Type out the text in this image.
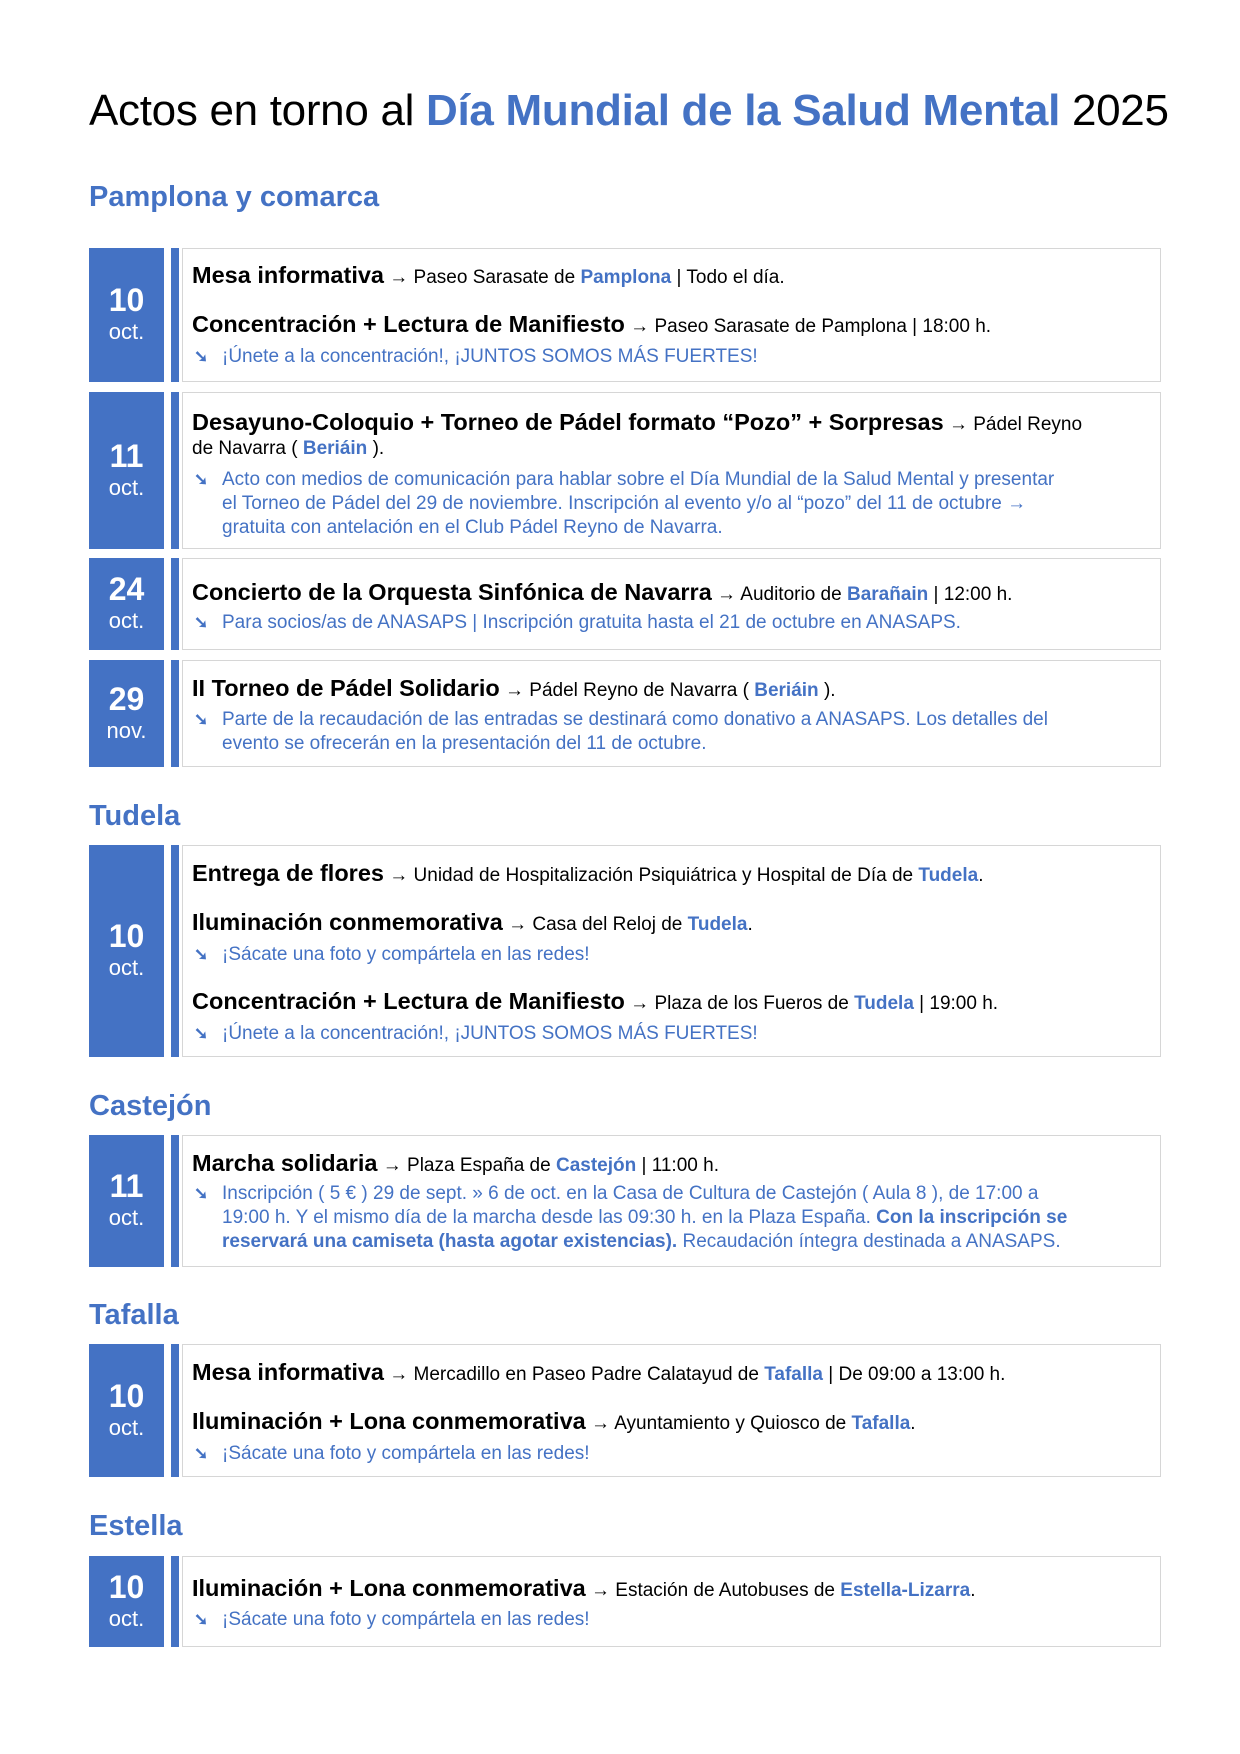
Actos en torno al Día Mundial de la Salud Mental 2025
Pamplona y comarca
10
oct.
Mesa informativa → Paseo Sarasate de Pamplona | Todo el día.
Concentración + Lectura de Manifiesto → Paseo Sarasate de Pamplona | 18:00 h.
➘ ¡Únete a la concentración!, ¡JUNTOS SOMOS MÁS FUERTES!
11
oct.
Desayuno-Coloquio + Torneo de Pádel formato “Pozo” + Sorpresas → Pádel Reyno
de Navarra ( Beriáin ).
➘ Acto con medios de comunicación para hablar sobre el Día Mundial de la Salud Mental y presentar
el Torneo de Pádel del 29 de noviembre. Inscripción al evento y/o al “pozo” del 11 de octubre →
gratuita con antelación en el Club Pádel Reyno de Navarra.
24
oct.
Concierto de la Orquesta Sinfónica de Navarra → Auditorio de Barañain | 12:00 h.
➘ Para socios/as de ANASAPS | Inscripción gratuita hasta el 21 de octubre en ANASAPS.
29
nov.
II Torneo de Pádel Solidario → Pádel Reyno de Navarra ( Beriáin ).
➘ Parte de la recaudación de las entradas se destinará como donativo a ANASAPS. Los detalles del
evento se ofrecerán en la presentación del 11 de octubre.
Tudela
10
oct.
Entrega de flores → Unidad de Hospitalización Psiquiátrica y Hospital de Día de Tudela.
Iluminación conmemorativa → Casa del Reloj de Tudela.
➘ ¡Sácate una foto y compártela en las redes!
Concentración + Lectura de Manifiesto → Plaza de los Fueros de Tudela | 19:00 h.
➘ ¡Únete a la concentración!, ¡JUNTOS SOMOS MÁS FUERTES!
Castejón
11
oct.
Marcha solidaria → Plaza España de Castejón | 11:00 h.
➘ Inscripción ( 5 € ) 29 de sept. » 6 de oct. en la Casa de Cultura de Castejón ( Aula 8 ), de 17:00 a
19:00 h. Y el mismo día de la marcha desde las 09:30 h. en la Plaza España. Con la inscripción se
reservará una camiseta (hasta agotar existencias). Recaudación íntegra destinada a ANASAPS.
Tafalla
10
oct.
Mesa informativa → Mercadillo en Paseo Padre Calatayud de Tafalla | De 09:00 a 13:00 h.
Iluminación + Lona conmemorativa → Ayuntamiento y Quiosco de Tafalla.
➘ ¡Sácate una foto y compártela en las redes!
Estella
10
oct.
Iluminación + Lona conmemorativa → Estación de Autobuses de Estella-Lizarra.
➘ ¡Sácate una foto y compártela en las redes!
